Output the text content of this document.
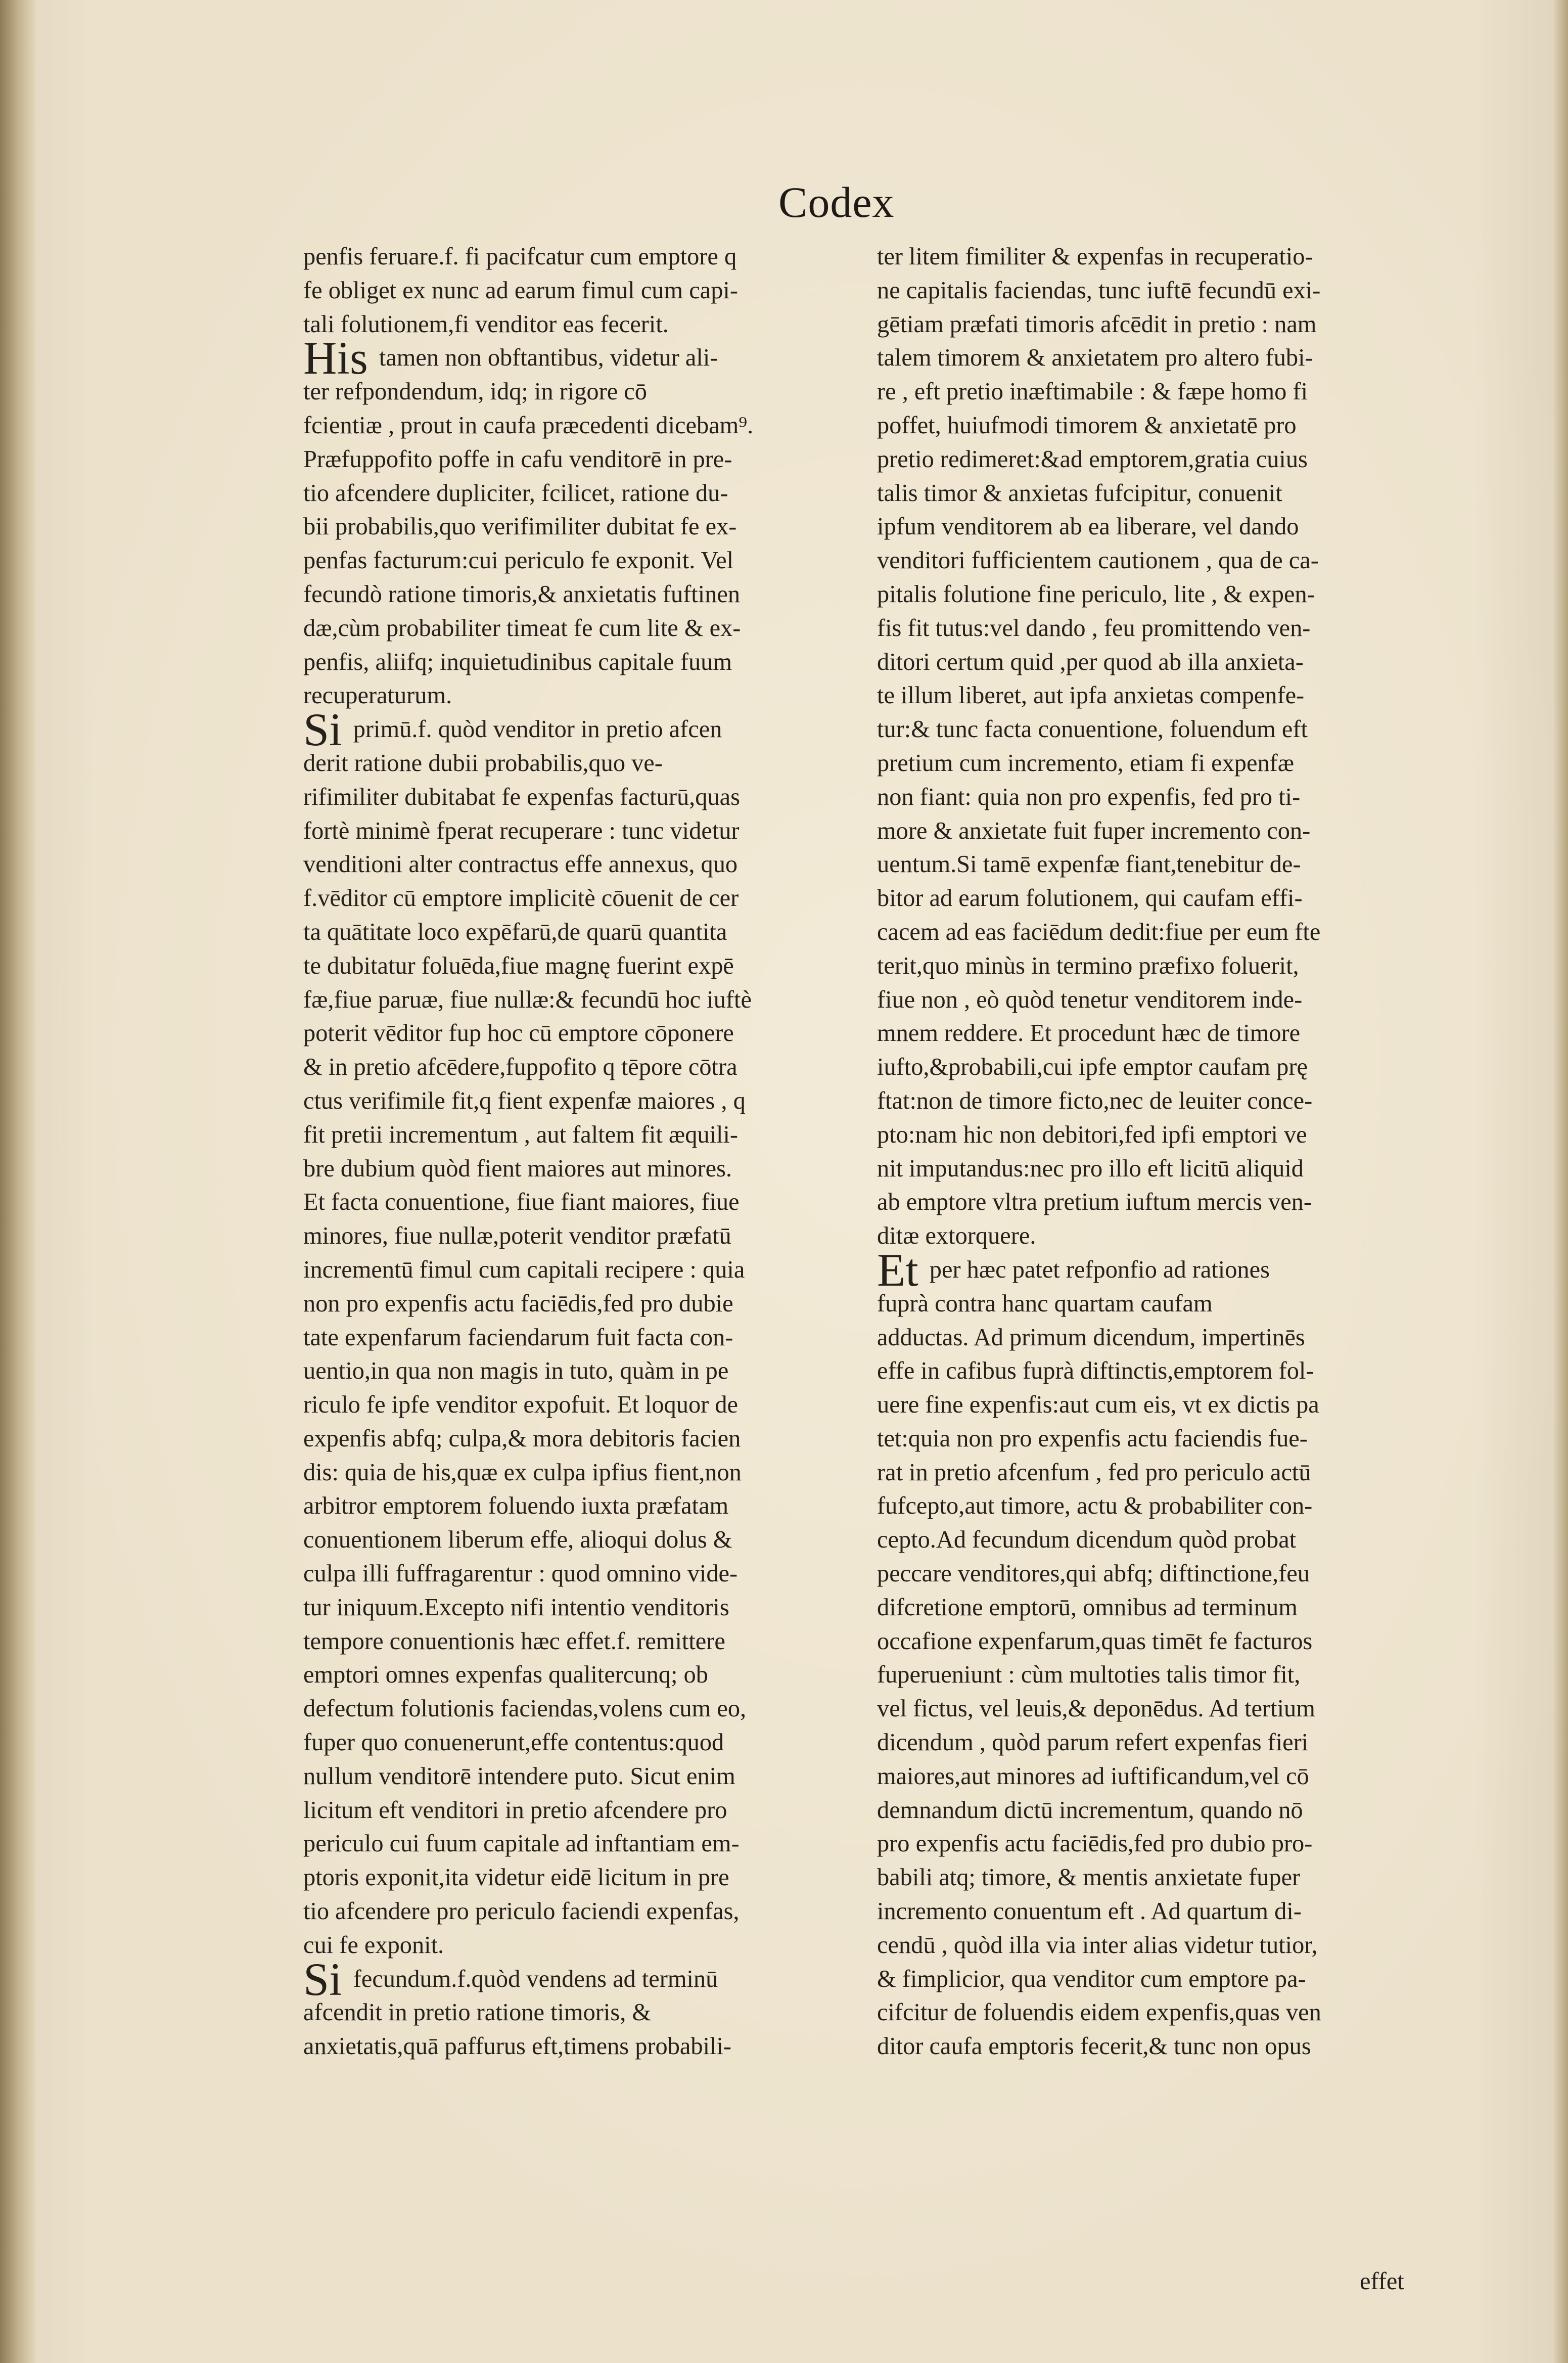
Codex
penfis feruare.f. fi pacifcatur cum emptore q
fe obliget ex nunc ad earum fimul cum capi-
tali folutionem,fi venditor eas fecerit.
His tamen non obftantibus, videtur ali-
ter refpondendum, idq; in rigore cō
fcientiæ , prout in caufa præcedenti dicebam⁹.
Præfuppofito poffe in cafu venditorē in pre-
tio afcendere dupliciter, fcilicet, ratione du-
bii probabilis,quo verifimiliter dubitat fe ex-
penfas facturum:cui periculo fe exponit. Vel
fecundò ratione timoris,& anxietatis fuftinen
dæ,cùm probabiliter timeat fe cum lite & ex-
penfis, aliifq; inquietudinibus capitale fuum
recuperaturum.
Si primū.f. quòd venditor in pretio afcen
derit ratione dubii probabilis,quo ve-
rifimiliter dubitabat fe expenfas facturū,quas
fortè minimè fperat recuperare : tunc videtur
venditioni alter contractus effe annexus, quo
f.vēditor cū emptore implicitè cōuenit de cer
ta quātitate loco expēfarū,de quarū quantita
te dubitatur foluēda,fiue magnę fuerint expē
fæ,fiue paruæ, fiue nullæ:& fecundū hoc iuftè
poterit vēditor fup hoc cū emptore cōponere
& in pretio afcēdere,fuppofito q tēpore cōtra
ctus verifimile fit,q fient expenfæ maiores , q
fit pretii incrementum , aut faltem fit æquili-
bre dubium quòd fient maiores aut minores.
Et facta conuentione, fiue fiant maiores, fiue
minores, fiue nullæ,poterit venditor præfatū
incrementū fimul cum capitali recipere : quia
non pro expenfis actu faciēdis,fed pro dubie
tate expenfarum faciendarum fuit facta con-
uentio,in qua non magis in tuto, quàm in pe
riculo fe ipfe venditor expofuit. Et loquor de
expenfis abfq; culpa,& mora debitoris facien
dis: quia de his,quæ ex culpa ipfius fient,non
arbitror emptorem foluendo iuxta præfatam
conuentionem liberum effe, alioqui dolus &
culpa illi fuffragarentur : quod omnino vide-
tur iniquum.Excepto nifi intentio venditoris
tempore conuentionis hæc effet.f. remittere
emptori omnes expenfas qualitercunq; ob
defectum folutionis faciendas,volens cum eo,
fuper quo conuenerunt,effe contentus:quod
nullum venditorē intendere puto. Sicut enim
licitum eft venditori in pretio afcendere pro
periculo cui fuum capitale ad inftantiam em-
ptoris exponit,ita videtur eidē licitum in pre
tio afcendere pro periculo faciendi expenfas,
cui fe exponit.
Si fecundum.f.quòd vendens ad terminū
afcendit in pretio ratione timoris, &
anxietatis,quā paffurus eft,timens probabili-
ter litem fimiliter & expenfas in recuperatio-
ne capitalis faciendas, tunc iuftē fecundū exi-
gētiam præfati timoris afcēdit in pretio : nam
talem timorem & anxietatem pro altero fubi-
re , eft pretio inæftimabile : & fæpe homo fi
poffet, huiufmodi timorem & anxietatē pro
pretio redimeret:&ad emptorem,gratia cuius
talis timor & anxietas fufcipitur, conuenit
ipfum venditorem ab ea liberare, vel dando
venditori fufficientem cautionem , qua de ca-
pitalis folutione fine periculo, lite , & expen-
fis fit tutus:vel dando , feu promittendo ven-
ditori certum quid ,per quod ab illa anxieta-
te illum liberet, aut ipfa anxietas compenfe-
tur:& tunc facta conuentione, foluendum eft
pretium cum incremento, etiam fi expenfæ
non fiant: quia non pro expenfis, fed pro ti-
more & anxietate fuit fuper incremento con-
uentum.Si tamē expenfæ fiant,tenebitur de-
bitor ad earum folutionem, qui caufam effi-
cacem ad eas faciēdum dedit:fiue per eum fte
terit,quo minùs in termino præfixo foluerit,
fiue non , eò quòd tenetur venditorem inde-
mnem reddere. Et procedunt hæc de timore
iufto,&probabili,cui ipfe emptor caufam prę
ftat:non de timore ficto,nec de leuiter conce-
pto:nam hic non debitori,fed ipfi emptori ve
nit imputandus:nec pro illo eft licitū aliquid
ab emptore vltra pretium iuftum mercis ven-
ditæ extorquere.
Et per hæc patet refponfio ad rationes
fuprà contra hanc quartam caufam
adductas. Ad primum dicendum, impertinēs
effe in cafibus fuprà diftinctis,emptorem fol-
uere fine expenfis:aut cum eis, vt ex dictis pa
tet:quia non pro expenfis actu faciendis fue-
rat in pretio afcenfum , fed pro periculo actū
fufcepto,aut timore, actu & probabiliter con-
cepto.Ad fecundum dicendum quòd probat
peccare venditores,qui abfq; diftinctione,feu
difcretione emptorū, omnibus ad terminum
occafione expenfarum,quas timēt fe facturos
fuperueniunt : cùm multoties talis timor fit,
vel fictus, vel leuis,& deponēdus. Ad tertium
dicendum , quòd parum refert expenfas fieri
maiores,aut minores ad iuftificandum,vel cō
demnandum dictū incrementum, quando nō
pro expenfis actu faciēdis,fed pro dubio pro-
babili atq; timore, & mentis anxietate fuper
incremento conuentum eft . Ad quartum di-
cendū , quòd illa via inter alias videtur tutior,
& fimplicior, qua venditor cum emptore pa-
cifcitur de foluendis eidem expenfis,quas ven
ditor caufa emptoris fecerit,& tunc non opus
effet
